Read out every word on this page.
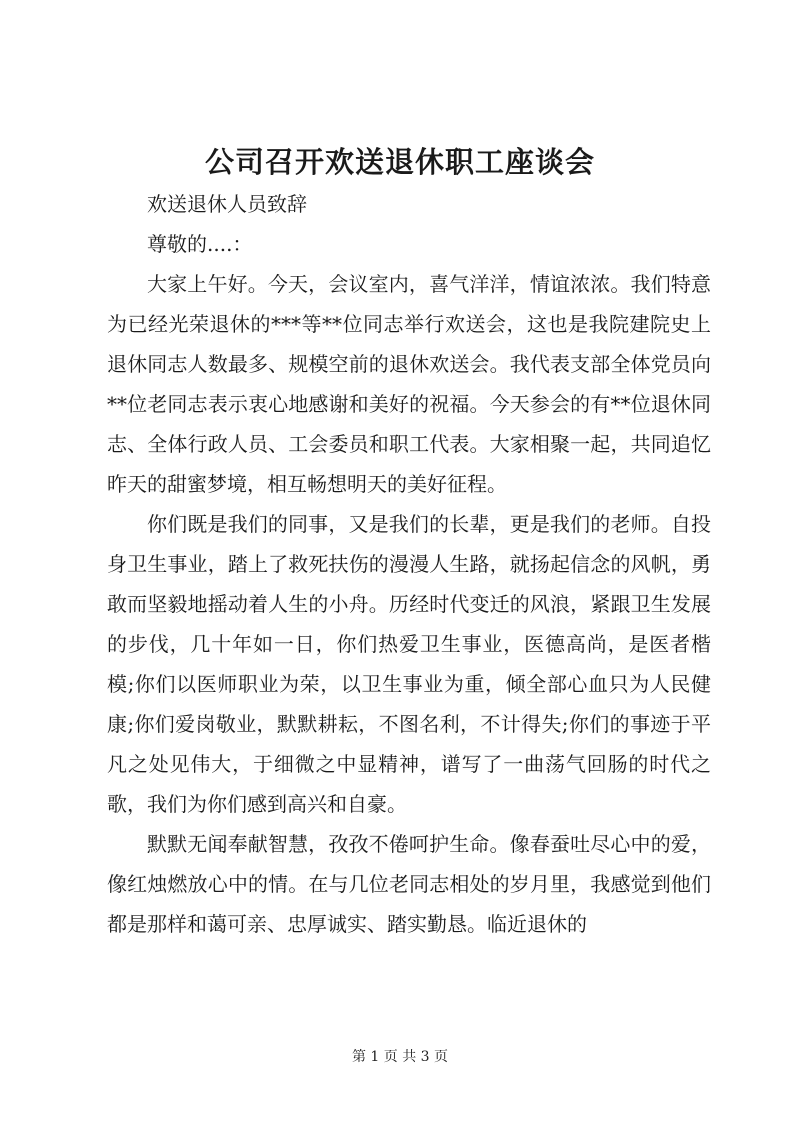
公司召开欢送退休职工座谈会

欢送退休人员致辞

尊敬的....：

大家上午好。今天，会议室内，喜气洋洋，情谊浓浓。我们特意为已经光荣退休的***等**位同志举行欢送会，这也是我院建院史上退休同志人数最多、规模空前的退休欢送会。我代表支部全体党员向**位老同志表示衷心地感谢和美好的祝福。今天参会的有**位退休同志、全体行政人员、工会委员和职工代表。大家相聚一起，共同追忆昨天的甜蜜梦境，相互畅想明天的美好征程。

你们既是我们的同事，又是我们的长辈，更是我们的老师。自投身卫生事业，踏上了救死扶伤的漫漫人生路，就扬起信念的风帆，勇敢而坚毅地摇动着人生的小舟。历经时代变迁的风浪，紧跟卫生发展的步伐，几十年如一日，你们热爱卫生事业，医德高尚，是医者楷模;你们以医师职业为荣，以卫生事业为重，倾全部心血只为人民健康;你们爱岗敬业，默默耕耘，不图名利，不计得失;你们的事迹于平凡之处见伟大，于细微之中显精神，谱写了一曲荡气回肠的时代之歌，我们为你们感到高兴和自豪。

默默无闻奉献智慧，孜孜不倦呵护生命。像春蚕吐尽心中的爱，像红烛燃放心中的情。在与几位老同志相处的岁月里，我感觉到他们都是那样和蔼可亲、忠厚诚实、踏实勤恳。临近退休的

第 1 页 共 3 页
